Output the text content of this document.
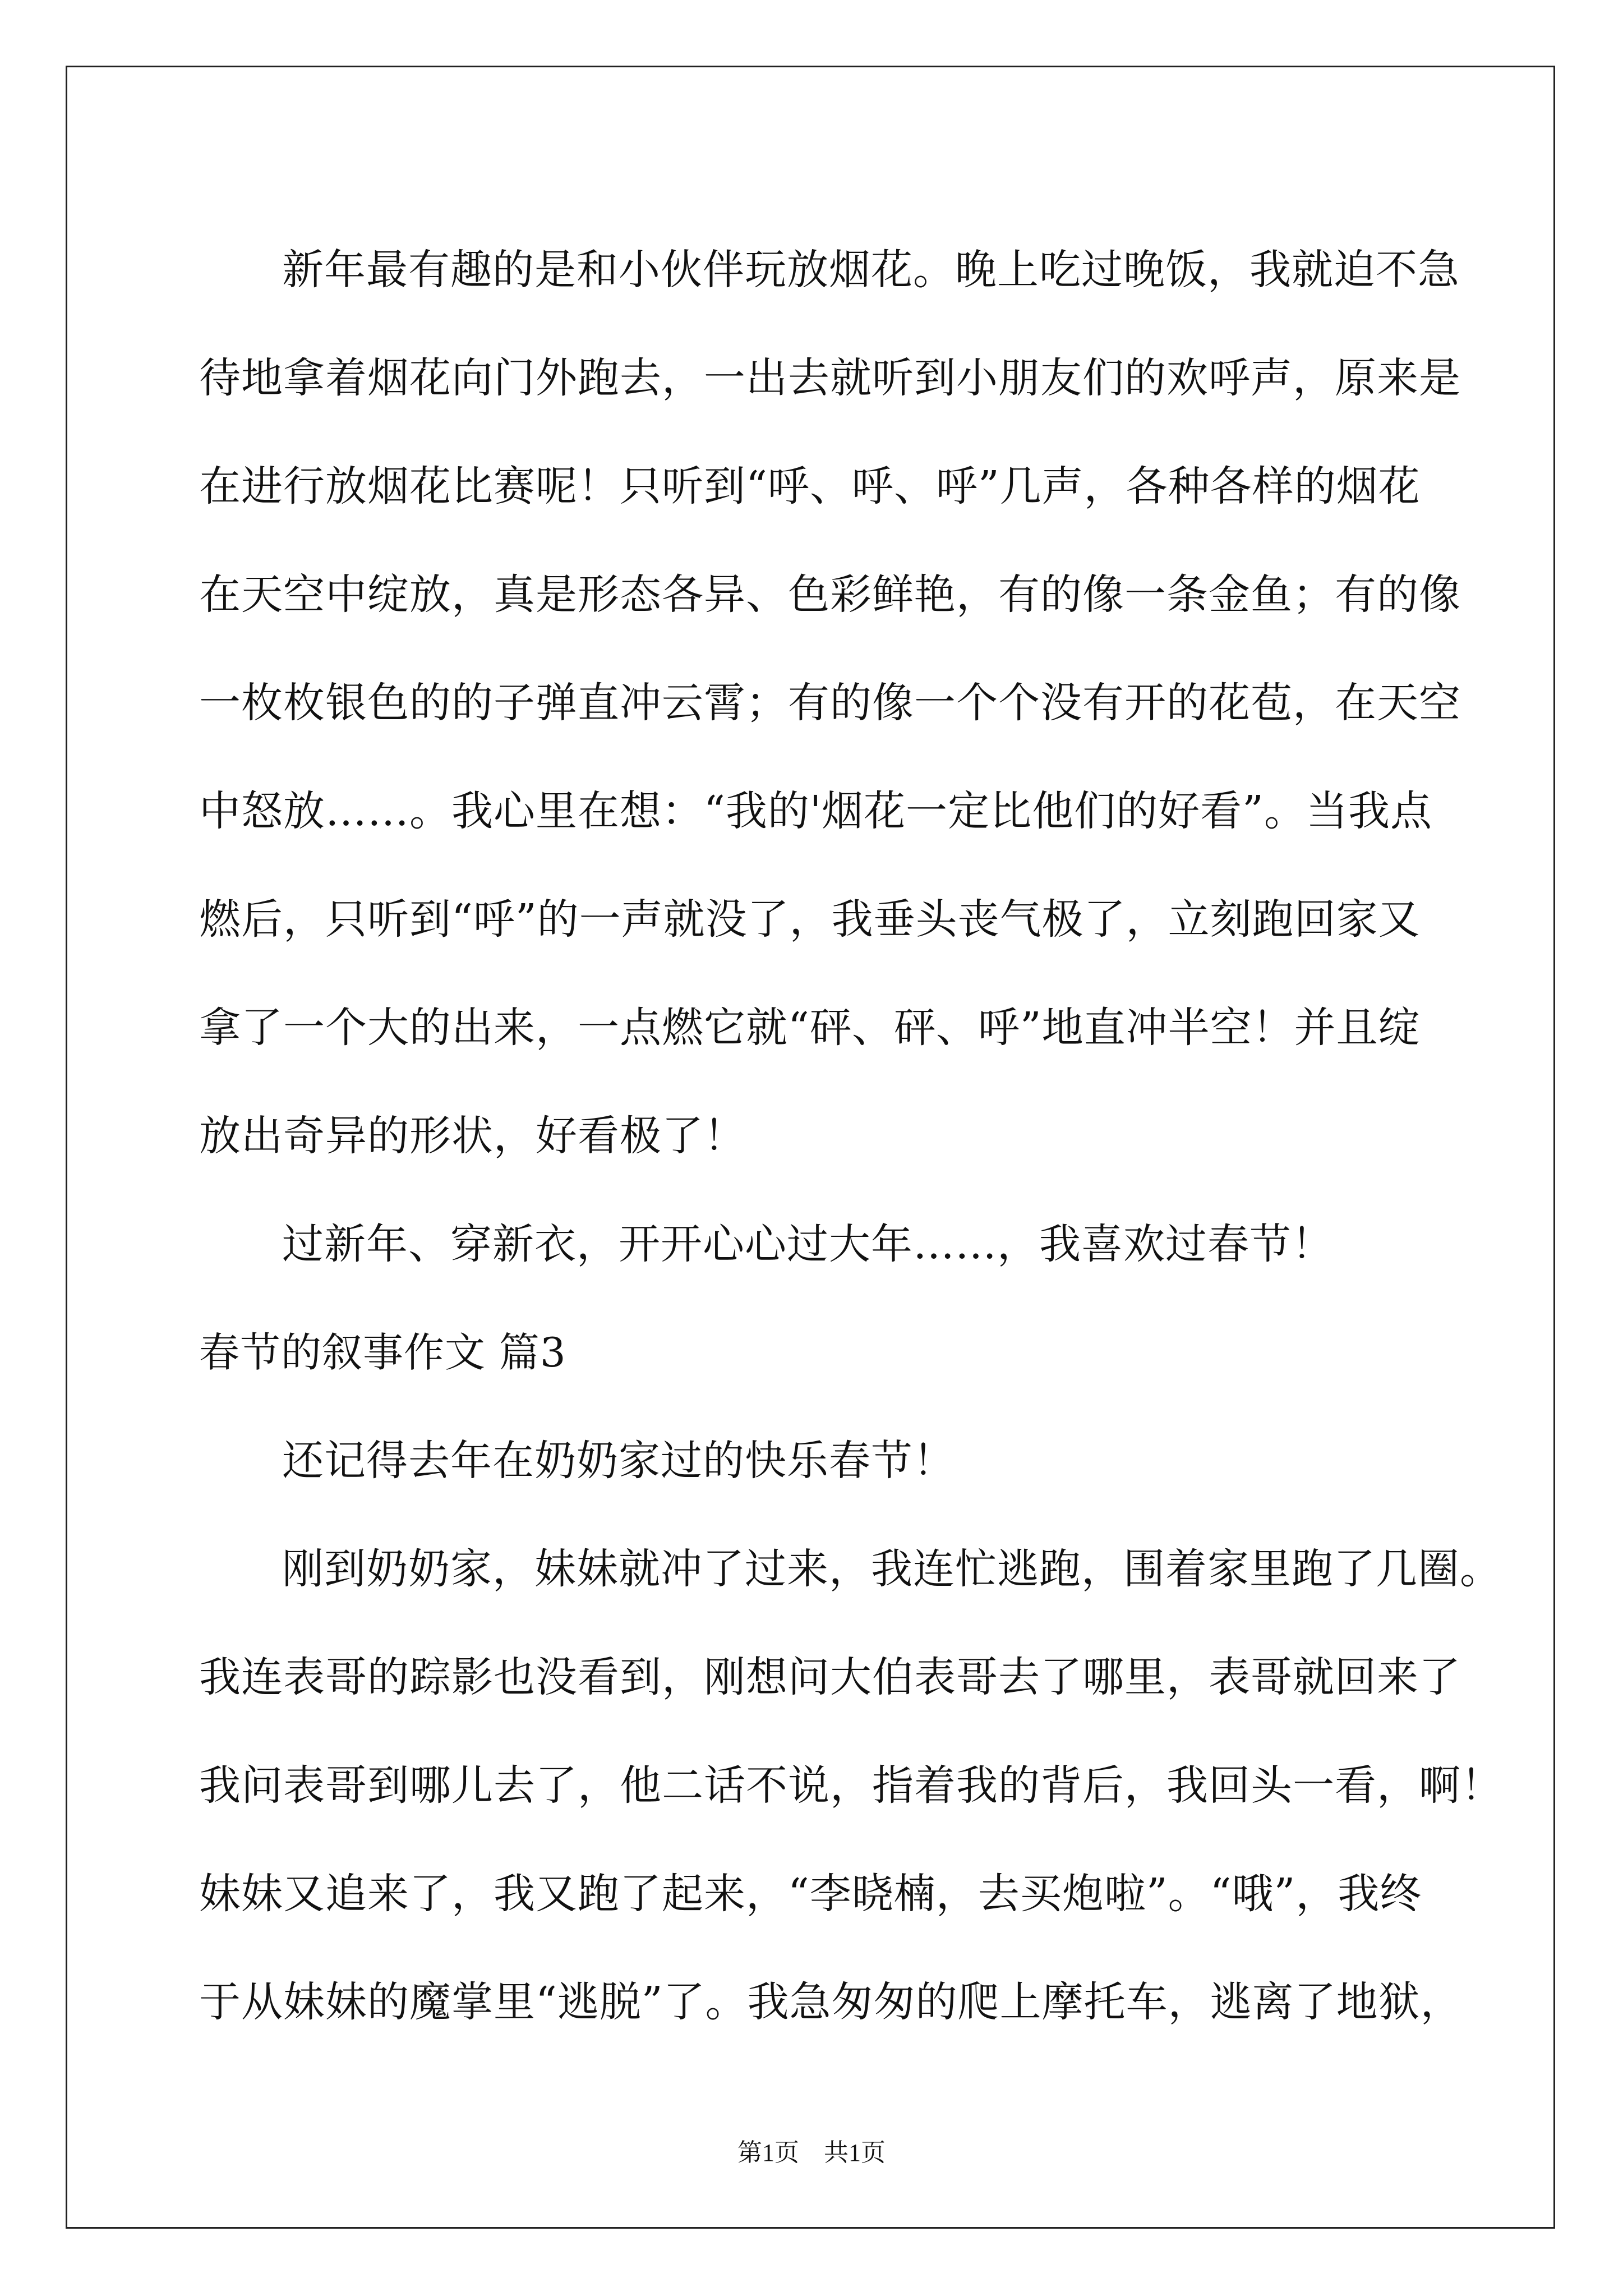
新年最有趣的是和小伙伴玩放烟花。晚上吃过晚饭，我就迫不急
待地拿着烟花向门外跑去，一出去就听到小朋友们的欢呼声，原来是
在进行放烟花比赛呢！只听到“呼、呼、呼”几声，各种各样的烟花
在天空中绽放，真是形态各异、色彩鲜艳，有的像一条金鱼；有的像
一枚枚银色的的子弹直冲云霄；有的像一个个没有开的花苞，在天空
中怒放……。我心里在想：“我的'烟花一定比他们的好看”。当我点
燃后，只听到“呼”的一声就没了，我垂头丧气极了，立刻跑回家又
拿了一个大的出来，一点燃它就“砰、砰、呼”地直冲半空！并且绽
放出奇异的形状，好看极了！
过新年、穿新衣，开开心心过大年……，我喜欢过春节！
春节的叙事作文 篇3
还记得去年在奶奶家过的快乐春节！
刚到奶奶家，妹妹就冲了过来，我连忙逃跑，围着家里跑了几圈。
我连表哥的踪影也没看到，刚想问大伯表哥去了哪里，表哥就回来了
我问表哥到哪儿去了，他二话不说，指着我的背后，我回头一看，啊！
妹妹又追来了，我又跑了起来，“李晓楠，去买炮啦”。“哦”，我终
于从妹妹的魔掌里“逃脱”了。我急匆匆的爬上摩托车，逃离了地狱，
第1页 共1页
